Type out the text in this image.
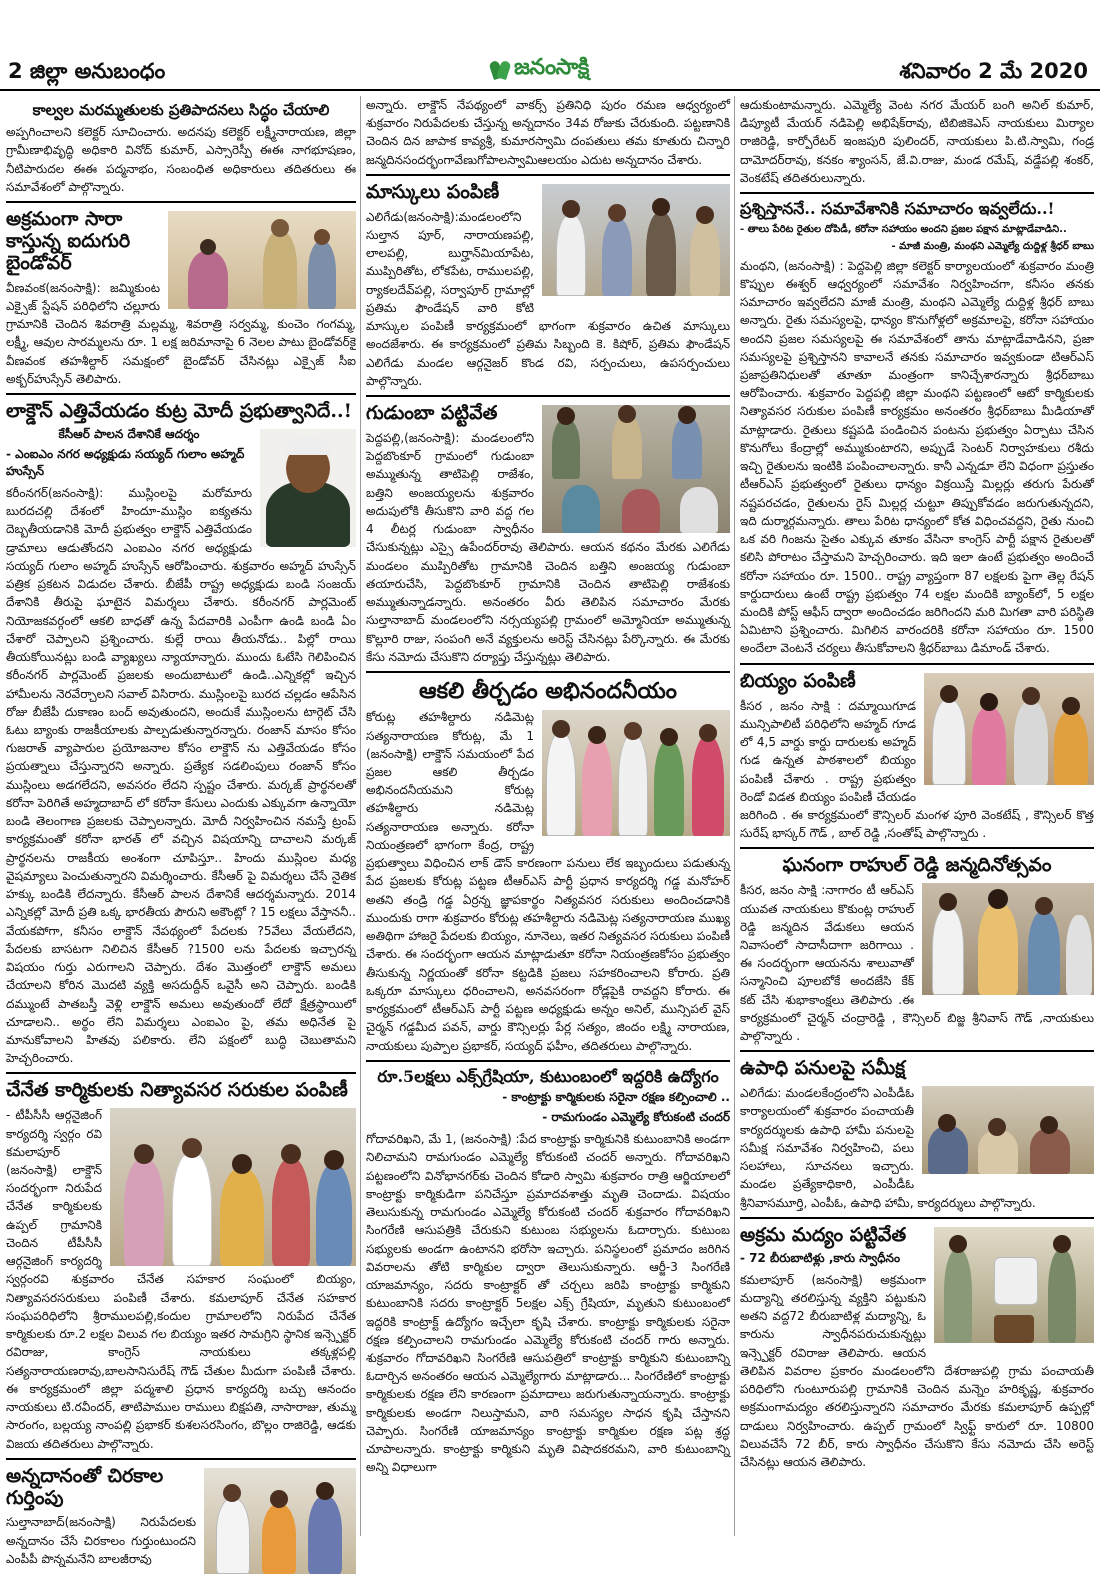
2 జిల్లా అనుబంధం	జనంసాక్షి	శనివారం 2 మే 2020
కాల్వల మరమ్మతులకు ప్రతిపాదనలు సిద్ధం చేయాలి

అప్పగించాలని కలెక్టర్ సూచించారు. అదనపు కలెక్టర్ లక్ష్మీనారాయణ, జిల్లా గ్రామీణాభివృద్ధి అధికారి వినోద్ కుమార్, ఎస్సారెస్పీ ఈఈ నాగభూషణం, నీటిపారుదల ఈఈ పద్మనాభం, సంబంధిత అధికారులు తదితరులు ఈ సమావేశంలో పాల్గొన్నారు.

అక్రమంగా సారా కాస్తున్న ఐదుగురి బైండోవర్

వీణవంక(జనంసాక్షి): జమ్మికుంట ఎక్సైజ్ స్టేషన్ పరిధిలోని చల్లూరు గ్రామానికి చెందిన శివరాత్రి మల్లమ్మ, శివరాత్రి సర్వమ్మ, కుంచెం గంగమ్మ, లక్ష్మీ, ఆవుల సారమ్మలను రూ. 1 లక్ష జరిమానాపై 6 నెలల పాటు బైండోవర్‌కై వీణవంక తహశీల్దార్ సమక్షంలో బైండోవర్ చేసినట్లు ఎక్సైజ్ సీఐ అక్బర్‌హుస్సేన్ తెలిపారు.

లాక్డౌన్ ఎత్తివేయడం కుట్ర మోదీ ప్రభుత్వానిదే..!
కేసీఆర్ పాలన దేశానికే ఆదర్శం
- ఎంఐఎం నగర అధ్యక్షుడు సయ్యద్ గులాం అహ్మద్ హుస్సేన్

కరీంనగర్(జనంసాక్షి): ముస్లింలపై మరోమారు బురదచల్లి దేశంలో హిందూ-ముస్లిం ఐక్యతను దెబ్బతీయడానికి మోదీ ప్రభుత్వం లాక్డౌన్ ఎత్తివేయడం డ్రామాలు ఆడుతోందని ఎంఐఎం నగర అధ్యక్షుడు సయ్యద్ గులాం అహ్మద్ హుస్సేన్ ఆరోపించారు. శుక్రవారం అహ్మద్ హుస్సేన్ పత్రిక ప్రకటన విడుదల చేశారు. బీజేపీ రాష్ట్ర అధ్యక్షుడు బండి సంజయ్ దేశానికి తీరుపై ఘాటైన విమర్శలు చేశారు. కరీంనగర్ పార్లమెంట్ నియోజకవర్గంలో ఆకలి బాధతో ఉన్న పేదవారికి ఎంపీగా ఉండి బండి ఏం చేశారో చెప్పాలని ప్రశ్నించారు. కుల్లే రాయి తీయనోడు.. పిల్లో రాయి తీయకోయినట్లు బండి వ్యాఖ్యలు న్యాయాన్నారు. ముందు ఓటేసి గెలిపించిన కరీంనగర్ పార్లమెంట్ ప్రజలకు అందుబాటులో ఉండి..ఎన్నికల్లో ఇచ్చిన హామీలను నెరవేర్చాలని సవాల్ విసిరారు. ముస్లింలపై బురద చల్లడం ఆపేసిన రోజు బీజేపీ దుకాణం బంద్ అవుతుందని, అందుకే ముస్లింలను టార్గెట్ చేసి ఓటు బ్యాంకు రాజకీయాలకు పాల్పడుతున్నారన్నారు. రంజాన్ మాసం కోసం గుజరాత్ వ్యాపారుల ప్రయోజనాల కోసం లాక్డౌన్ ను ఎత్తివేయడం కోసం ప్రయత్నాలు చేస్తున్నారని అన్నారు. ప్రత్యేక సడలింపులు రంజాన్ కోసం ముస్లింలు అడగలేదని, అవసరం లేదని స్పష్టం చేశారు. మర్కజ్ ప్రార్థనలతో కరోనా పెరిగితే అహ్మదాబాద్ లో కరోనా కేసులు ఎందుకు ఎక్కువగా ఉన్నాయో బండి తెలంగాణ ప్రజలకు చెప్పాలన్నారు. మోదీ నిర్వహించిన నమస్తే ట్రంప్ కార్యక్రమంతో కరోనా భారత్ లో వచ్చిన విషయాన్ని దాచాలని మర్కజ్ ప్రార్థనలను రాజకీయ అంశంగా చూపిస్తూ.. హిందు ముస్లింల మధ్య వైషమ్యాలు పెంచుతున్నారని విమర్శించారు. కేసీఆర్ పై విమర్శలు చేసే నైతిక హక్కు బండికి లేదన్నారు. కేసీఆర్ పాలన దేశానికే ఆదర్శమన్నారు. 2014 ఎన్నికల్లో మోదీ ప్రతి ఒక్క భారతీయ పౌరుని అకౌంట్లో ? 15 లక్షలు వేస్తాననీ.. వేయకపోగా, కనీసం లాక్డౌన్ నేపథ్యంలో పేదలకు ?5వేలు వేయలేదని, పేదలకు బాసటగా నిలిచిన కేసీఆర్ ?1500 లను పేదలకు ఇచ్చారన్న విషయం గుర్తు ఎరుగాలని చెప్పారు. దేశం మొత్తంలో లాక్డౌన్ అమలు చేయాలని కోరిన మొదటి వ్యక్తి అసదుద్దీన్ ఒవైసీ అని చెప్పారు. బండికి దమ్ముంటే పాతబస్తీ వెళ్లి లాక్డౌన్ అమలు అవుతుందో లేదో క్షేత్రస్థాయిలో చూడాలని.. అర్థం లేని విమర్శలు ఎంఐఎం పై, తమ అధినేత పై మానుకోవాలని హితవు పలికారు. లేని పక్షంలో బుద్ధి చెబుతామని హెచ్చరించారు.

చేనేత కార్మికులకు నిత్యావసర సరుకుల పంపిణీ

- టీపీసీసీ ఆర్గనైజింగ్ కార్యదర్శి స్వర్గం రవి కమలాపూర్ (జనంసాక్షి) లాక్డౌన్ సందర్భంగా నిరుపేద చేనేత కార్మికులకు ఉప్పల్ గ్రామానికి చెందిన టీపీసీసీ ఆర్గనైజింగ్ కార్యదర్శి స్వర్గంరవి శుక్రవారం చేనేత సహకార సంఘంలో బియ్యం, నిత్యావసరసరుకులు పంపిణీ చేశారు. కమలాపూర్ చేనేత సహకార సంఘపరిధిలోని శ్రీరాములపల్లి,కందుల గ్రామాలలోని నిరుపేద చేనేత కార్మికులకు రూ.2 లక్షల విలువ గల బియ్యం ఇతర సామగ్రిని స్థానిక ఇన్స్పెక్టర్ రవిరాజు, కాంగ్రెస్ నాయకులు తక్కళ్లపల్లి సత్యనారాయణరావు,బాలసానిసురేష్ గౌడ్ చేతుల మీదుగా పంపిణీ చేశారు. ఈ కార్యక్రమంలో జిల్లా పద్మశాలి ప్రధాన కార్యదర్శి బచ్చు ఆనందం నాయకులు టి.రవీందర్, తాటిపాముల రాములు బిక్షపతి, నాసారాజు, తుమ్మ సారంగం, బల్లయ్య నాంపల్లి ప్రభాకర్ కుశలసరసింగం, బొల్లం రాజిరెడ్డి, ఆడకు విజయ తదితరులు పాల్గొన్నారు.

అన్నదానంతో చిరకాల గుర్తింపు

సుల్తానాబాద్(జనంసాక్షి) నిరుపేదలకు అన్నదానం చేసే చిరకాలం గుర్తుంటుందని ఎంపీపీ పొన్నమనేని బాలజీరావు

అన్నారు. లాక్డౌన్ నేపథ్యంలో వాకర్స్ ప్రతినిధి పురం రమణ ఆధ్వర్యంలో శుక్రవారం నిరుపేదలకు చేస్తున్న అన్నదానం 34వ రోజుకు చేరుకుంది. పట్టణానికి చెందిన దిన జాపాక కావ్యశ్రీ, కుమారస్వామి దంపతులు తమ కూతురు చిన్నారి జన్మదినసందర్భంగావేణుగోపాలస్వామిఆలయం ఎదుట అన్నదానం చేశారు.

మాస్కులు పంపిణీ

ఎలిగేడు(జనంసాక్షి):మండలంలోని సుల్తాన పూర్, నారాయణపల్లి, లాలపల్లి, బుర్హాన్‌మియాపేట, ముప్పిరితోట, లోకపేట, రాములపల్లి, ర్యాకలదేవ్‌పల్లి, సర్వాపూర్ గ్రామాల్లో ప్రతిమ ఫౌండేషన్ వారి కోటి మాస్కుల పంపిణీ కార్యక్రమంలో భాగంగా శుక్రవారం ఉచిత మాస్కులు అందజేశారు. ఈ కార్యక్రమంలో ప్రతిమ సిబ్బంది కె. కిషోర్, ప్రతిమ ఫౌండేషన్ ఎలిగేడు మండల ఆర్గనైజర్ కొండ రవి, సర్పంచులు, ఉపసర్పంచులు పాల్గొన్నారు.

గుడుంబా పట్టివేత

పెద్దపల్లి,(జనంసాక్షి): మండలంలోని పెద్దబొంకూర్ గ్రామంలో గుడుంబా అమ్ముతున్న తాటిపెల్లి రాజేశం, బత్తిని అంజయ్యలను శుక్రవారం అదుపులోకి తీసుకొని వారి వద్ద గల 4 లీటర్ల గుడుంబా స్వాధీనం చేసుకున్నట్లు ఎస్సై ఉపేందర్‌రావు తెలిపారు. ఆయన కథనం మేరకు ఎలిగేడు మండలం ముప్పిరితోట గ్రామానికి చెందిన బత్తిని అంజయ్య గుడుంబా తయారుచేసి, పెద్దబొంకూర్ గ్రామానికి చెందిన తాటిపెల్లి రాజేశంకు అమ్ముతున్నాడన్నారు. అనంతరం వీరు తెలిపిన సమాచారం మేరకు సుల్తానాబాద్ మండలంలోని నర్సయ్యపల్లి గ్రామంలో అమ్మోనియా అమ్ముతున్న కొల్లూరి రాజు, సంపంగి అనే వ్యక్తులను అరెస్ట్ చేసినట్లు పేర్కొన్నారు. ఈ మేరకు కేసు నమోదు చేసుకొని దర్యాప్తు చేస్తున్నట్లు తెలిపారు.

ఆకలి తీర్చడం అభినందనీయం

కోరుట్ల తహశీల్దారు నడిమెట్ల సత్యనారాయణ కోరుట్ల, మే 1 (జనంసాక్షి) లాక్డౌన్ సమయంలో పేద ప్రజల ఆకలి తీర్చడం అభినందనీయమని కోరుట్ల తహశీల్దారు నడిమెట్ల సత్యనారాయణ అన్నారు. కరోనా నియంత్రణలో భాగంగా కేంద్ర, రాష్ట్ర ప్రభుత్వాలు విధించిన లాక్ డౌన్ కారణంగా పనులు లేక ఇబ్బందులు పడుతున్న పేద ప్రజలకు కోరుట్ల పట్టణ టీఆర్ఎస్ పార్టీ ప్రధాన కార్యదర్శి గడ్డ మనోహర్ అతని తండ్రి గడ్డ ఏర్రన్న జ్ఞాపకార్థం నిత్యవసర సరుకులు అందించడానికి ముందుకు రాగా శుక్రవారం కోరుట్ల తహశీల్దారు నడిమెట్ల సత్యనారాయణ ముఖ్య అతిథిగా హాజరై పేదలకు బియ్యం, నూనెలు, ఇతర నిత్యవసర సరుకులు పంపిణీ చేశారు. ఈ సందర్భంగా ఆయన మాట్లాడుతూ కరోనా నియంత్రణకోసం ప్రభుత్వం తీసుకున్న నిర్ణయంతో కరోనా కట్టడికి ప్రజలు సహకరించాలని కోరారు. ప్రతి ఒక్కరూ మాస్కులు ధరించాలని, అనవసరంగా రోడ్లపైకి రావద్దని కోరారు. ఈ కార్యక్రమంలో టీఆర్ఎస్ పార్టీ పట్టణ అధ్యక్షుడు అన్నం అనిల్, మున్సిపల్ వైస్ చైర్మన్ గడ్డమీద పవన్, వార్డు కౌన్సిలర్లు పేర్ల సత్యం, జిందం లక్ష్మి నారాయణ, నాయకులు పుప్పాల ప్రభాకర్, సయ్యద్ ఫహీం, తదితరులు పాల్గొన్నారు.

రూ.5లక్షలు ఎక్స్‌గ్రేషియా, కుటుంబంలో ఇద్దరికి ఉద్యోగం
- కాంట్రాక్టు కార్మికులకు సరైనా రక్షణ కల్పించాలి ..
- రామగుండం ఎమ్మెల్యే కోరుకంటి చందర్

గోదావరిఖని, మే 1, (జనంసాక్షి) :పేద కాంట్రాక్టు కార్మికునికి కుటుంబానికి అండగా నిలిచామని రామగుండం ఎమ్మెల్యే కోరుకంటి చందర్ అన్నారు. గోదావరిఖని పట్టణంలోని వినోభానగర్‌కు చెందిన కోడారి స్వామి శుక్రవారం రాత్రి ఆర్జియాలలో కాంట్రాక్టు కార్మికుడిగా పనిచేస్తూ ప్రమాదవశాత్తు మృతి చెందాడు. విషయం తెలుసుకున్న రామగుండం ఎమ్మెల్యే కోరుకంటి చందర్ శుక్రవారం గోదావరిఖని సింగరేణి ఆసుపత్రికి చేరుకుని కుటుంబ సభ్యులను ఓదార్చారు. కుటుంబ సభ్యులకు అండగా ఉంటానని భరోసా ఇచ్చారు. పనిస్థలంలో ప్రమాదం జరిగిన వివరాలను తోటి కార్మికుల ద్వారా తెలుసుకున్నారు. ఆర్జీ-3 సింగరేణి యాజమాన్యం, సదరు కాంట్రాక్టర్ తో చర్చలు జరిపి కాంట్రాక్టు కార్మికుని కుటుంబానికి సదరు కాంట్రాక్టర్ 5లక్షల ఎక్స్ గ్రేషియా, మృతుని కుటుంబంలో ఇద్దరికి కాంట్రాక్ట్ ఉద్యోగం ఇచ్చేలా కృషి చేశారు. కాంట్రాక్టు కార్మికులకు సరైనా రక్షణ కల్పించాలని రామగుండం ఎమ్మెల్యే కోరుకంటి చందర్ గారు అన్నారు. శుక్రవారం గోదావరిఖని సింగరేణి ఆసుపత్రిలో కాంట్రాక్టు కార్మికుని కుటుంబాన్ని ఓదార్చిన అనంతరం ఆయన ఎమ్మెల్యేగారు మాట్లాడారు... సింగరేణిలో కాంట్రాక్టు కార్మికులకు రక్షణ లేని కారణంగా ప్రమాదాలు జరుగుతున్నాయన్నారు. కాంట్రాక్టు కార్మికులకు అండగా నిలుస్తామని, వారి సమస్యల సాధన కృషి చేస్తానని చెప్పారు. సింగరేణి యాజమాన్యం కాంట్రాక్టు కార్మికుల రక్షణ పట్ల శ్రద్ధ చూపాలన్నారు. కాంట్రాక్టు కార్మికుని మృతి విషాదకరమని, వారి కుటుంబాన్ని అన్ని విధాలుగా

ఆదుకుంటామన్నారు. ఎమ్మెల్యే వెంట నగర మేయర్ బంగి అనిల్ కుమార్, డిప్యూటీ మేయర్ నడిపెల్లి అభిషేక్‌రావు, టిబిజికెఎస్ నాయకులు మిర్యాల రాజిరెడ్డి, కార్పోరేటర్ ఇంజపురి పులిందర్, నాయకులు పి.టి.స్వామి, గండ్ర దామోదర్‌రావు, కనకం శ్యాంసన్, జే.వి.రాజు, మండ రమేష్, వడ్డేపల్లి శంకర్, వెంకటేష్ తదితరులున్నారు.

ప్రశ్నిస్తాననే.. సమావేశానికి సమాచారం ఇవ్వలేదు..!
- తాలు పేరిట రైతుల దోపిడీ, కరోనా సహాయం అందని ప్రజల పక్షాన మాట్లాడేవాడిని..
- మాజీ మంత్రి, మంథని ఎమ్మెల్యే దుద్దిళ్ల శ్రీధర్ బాబు

మంథని, (జనంసాక్షి) : పెద్దపెల్లి జిల్లా కలెక్టర్ కార్యాలయంలో శుక్రవారం మంత్రి కొప్పుల ఈశ్వర్ ఆధ్వర్యంలో సమావేశం నిర్వహించగా, కనీసం తనకు సమాచారం ఇవ్వలేదని మాజీ మంత్రి, మంథని ఎమ్మెల్యే దుద్దిళ్ల శ్రీధర్ బాబు అన్నారు. రైతు సమస్యలపై, ధాన్యం కొనుగోళ్లలో అక్రమాలపై, కరోనా సహాయం అందని ప్రజల సమస్యలపై ఈ సమావేశంలో తాను మాట్లాడేవాడినని, ప్రజా సమస్యలపై ప్రశ్నిస్తానని కావాలనే తనకు సమాచారం ఇవ్వకుండా టిఆర్ఎస్ ప్రజాప్రతినిధులతో తూతూ మంత్రంగా కానిచ్చేశారన్నారు శ్రీధర్‌బాబు ఆరోపించారు. శుక్రవారం పెద్దపల్లి జిల్లా మంథని పట్టణంలో ఆటో కార్మికులకు నిత్యావసర సరుకుల పంపిణీ కార్యక్రమం అనంతరం శ్రీధర్‌బాబు మీడియాతో మాట్లాడారు. రైతులు కష్టపడి పండించిన పంటను ప్రభుత్వం ఏర్పాటు చేసిన కొనుగోలు కేంద్రాల్లో అమ్ముకుంటారని, అప్పుడే సెంటర్ నిర్వాహకులు రశీదు ఇచ్చి రైతులను ఇంటికి పంపించాలన్నారు. కానీ ఎన్నడూ లేని విధంగా ప్రస్తుతం టీఆర్ఎస్ ప్రభుత్వంలో రైతులు ధాన్యం విక్రయిస్తే మిల్లర్లు తరుగు పేరుతో నష్టపరచడం, రైతులను రైస్ మిల్లర్ల చుట్టూ తిప్పుకోవడం జరుగుతున్నదని, ఇది దుర్మార్గమన్నారు. తాలు పేరిట ధాన్యంలో కోత విధించవద్దని, రైతు నుంచి ఒక వరి గింజను సైతం ఎక్కువ తూకం వేసినా కాంగ్రెస్ పార్టీ పక్షాన రైతులతో కలిసి పోరాటం చేస్తామని హెచ్చరించారు. ఇది ఇలా ఉంటే ప్రభుత్వం అందించే కరోనా సహాయం రూ. 1500.. రాష్ట్ర వ్యాప్తంగా 87 లక్షలకు పైగా తెల్ల రేషన్ కార్డుదారులు ఉంటే రాష్ట్ర ప్రభుత్వం 74 లక్షల మందికి బ్యాంక్‌లో, 5 లక్షల మందికి పోస్ట్ ఆఫీస్ ద్వారా అందించడం జరిగిందని మరి మిగతా వారి పరిస్థితి ఏమిటాని ప్రశ్నించారు. మిగిలిన వారందరికి కరోనా సహాయం రూ. 1500 అందేలా వెంటనే చర్యలు తీసుకోవాలని శ్రీధర్‌బాబు డిమాండ్ చేశారు.

బియ్యం పంపిణీ

కీసర , జనం సాక్షి : దమ్మాయిగూడ మున్సిపాలిటీ పరిధిలోని అహ్మద్ గూడ లో 4,5 వార్డు కార్డు దారులకు అహ్మద్ గుడ ఉన్నత పాఠశాలలో బియ్యం పంపిణీ చేశారు . రాష్ట్ర ప్రభుత్వం రెండో విడత బియ్యం పంపిణీ చేయడం జరిగింది . ఈ కార్యక్రమంలో కౌన్సిలర్ మంగళ పూరి వెంకటేష్ , కౌన్సిలర్ కొత్త సురేష్ భాస్కర్ గౌడ్ , బాల్ రెడ్డి ,సంతోష్ పాల్గొన్నారు .

ఘనంగా రాహుల్ రెడ్డి జన్మదినోత్సవం

కీసర, జనం సాక్షి :నాగారం టీ ఆర్ఎస్ యువత నాయకులు కొకుంట్ల రాహుల్ రెడ్డి జన్మదిన వేడుకలు ఆయన నివాసంలో సాదాసీదాగా జరిగాయి . ఈ సందర్భంగా ఆయనను శాలువాతో సన్మానించి పూలబోకే అందజేసి కేక్ కట్ చేసి శుభాకాంక్షలు తెలిపారు .ఈ కార్యక్రమంలో చైర్మన్ చంద్రారెడ్డి , కౌన్సిలర్ బిజ్జ శ్రీనివాస్ గౌడ్ ,నాయకులు పాల్గొన్నారు .

ఉపాధి పనులపై సమీక్ష

ఎలిగేడు: మండలకేంద్రంలోని ఎంపీడీఓ కార్యాలయంలో శుక్రవారం పంచాయతీ కార్యదర్శులకు ఉపాధి హామీ పనులపై సమీక్ష సమావేశం నిర్వహించి, పలు సలహాలు, సూచనలు ఇచ్చారు. మండల ప్రత్యేకాధికారి, ఎంపీడీఓ శ్రీనివాసమూర్తి, ఎంపీఓ, ఉపాధి హామీ, కార్యదర్శులు పాల్గొన్నారు.

అక్రమ మద్యం పట్టివేత
- 72 బీరుబాటిళ్లు ,కారు స్వాధీనం

కమలాపూర్ (జనంసాక్షి) అక్రమంగా మద్యాన్ని తరలిస్తున్న వ్యక్తిని పట్టుకుని అతని వద్ద72 బీరుబాటిళ్ల మద్యాన్ని, ఓ కారును స్వాధీనపరుచుకున్నట్లు ఇన్స్పెక్టర్ రవిరాజు తెలిపారు. ఆయన తెలిపిన వివరాల ప్రకారం మండలంలోని దేశరాజుపల్లి గ్రామ పంచాయతీ పరిధిలోని గుంటూరుపల్లి గ్రామానికి చెందిన మన్నెం హరికృష్ణ, శుక్రవారం అక్రమంగామద్యం తరలిస్తున్నారని సమాచారం మేరకు కమలాపూర్ ఉప్పల్లో దాడులు నిర్వహించారు. ఉప్పల్ గ్రామంలో స్విఫ్ట్ కారులో రూ. 10800 విలువచేసే 72 బీర్, కారు స్వాధీనం చేసుకొని కేసు నమోదు చేసి అరెస్ట్ చేసినట్లు ఆయన తెలిపారు.
